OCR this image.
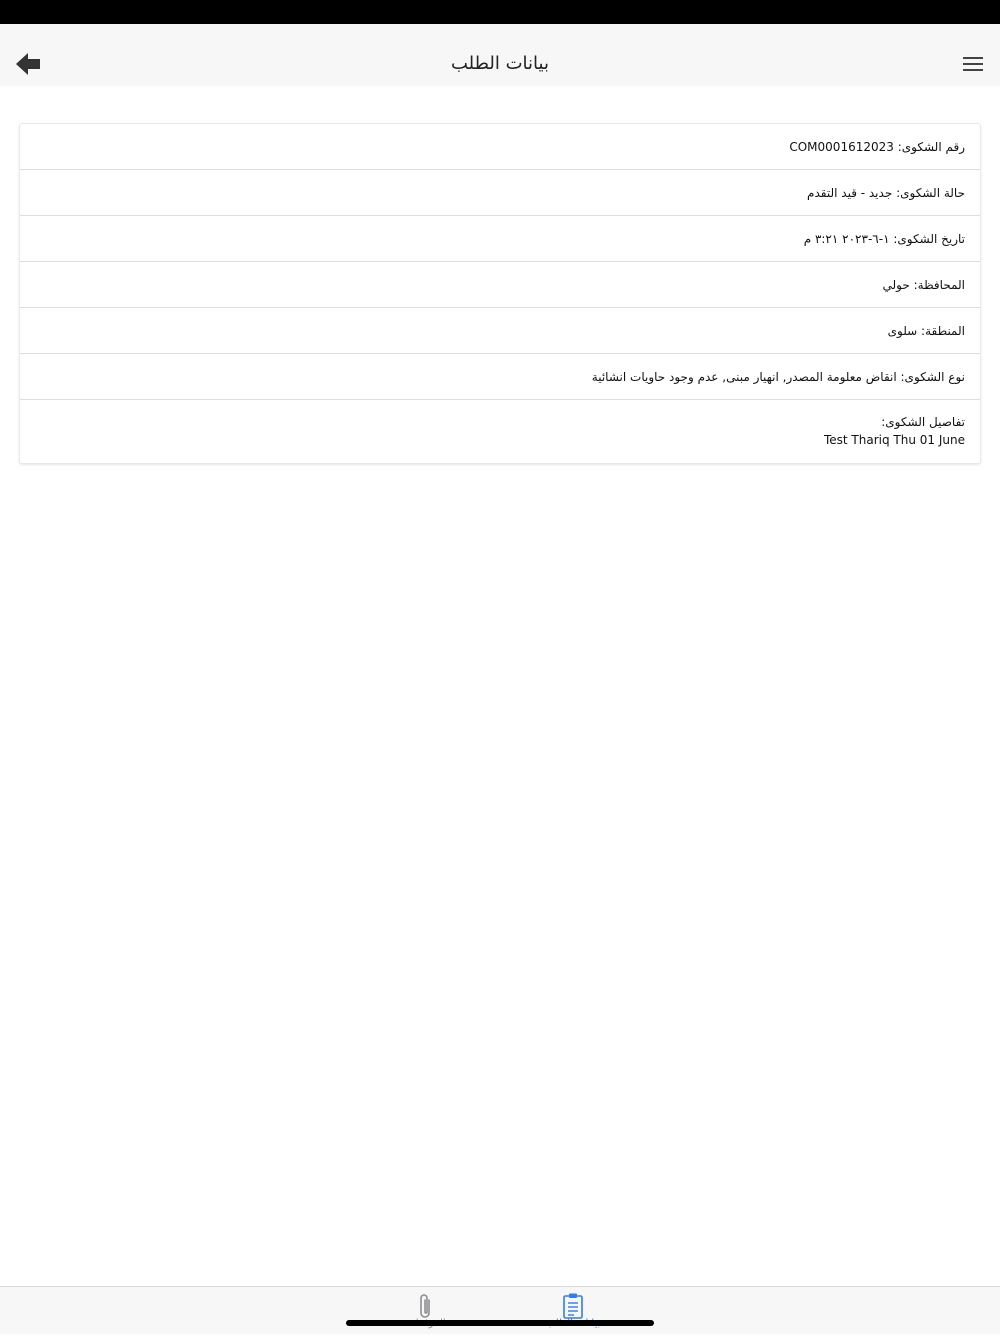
بيانات الطلب
رقم الشكوى: COM0001612023
حالة الشكوى: جديد - قيد التقدم
تاريخ الشكوى: ١-٦-٢٠٢٣ ٣:٢١ م
المحافظة: حولي
المنطقة: سلوى
نوع الشكوى: انقاض معلومة المصدر, انهيار مبنى, عدم وجود حاويات انشائية
تفاصيل الشكوى:
Test Thariq Thu 01 June
